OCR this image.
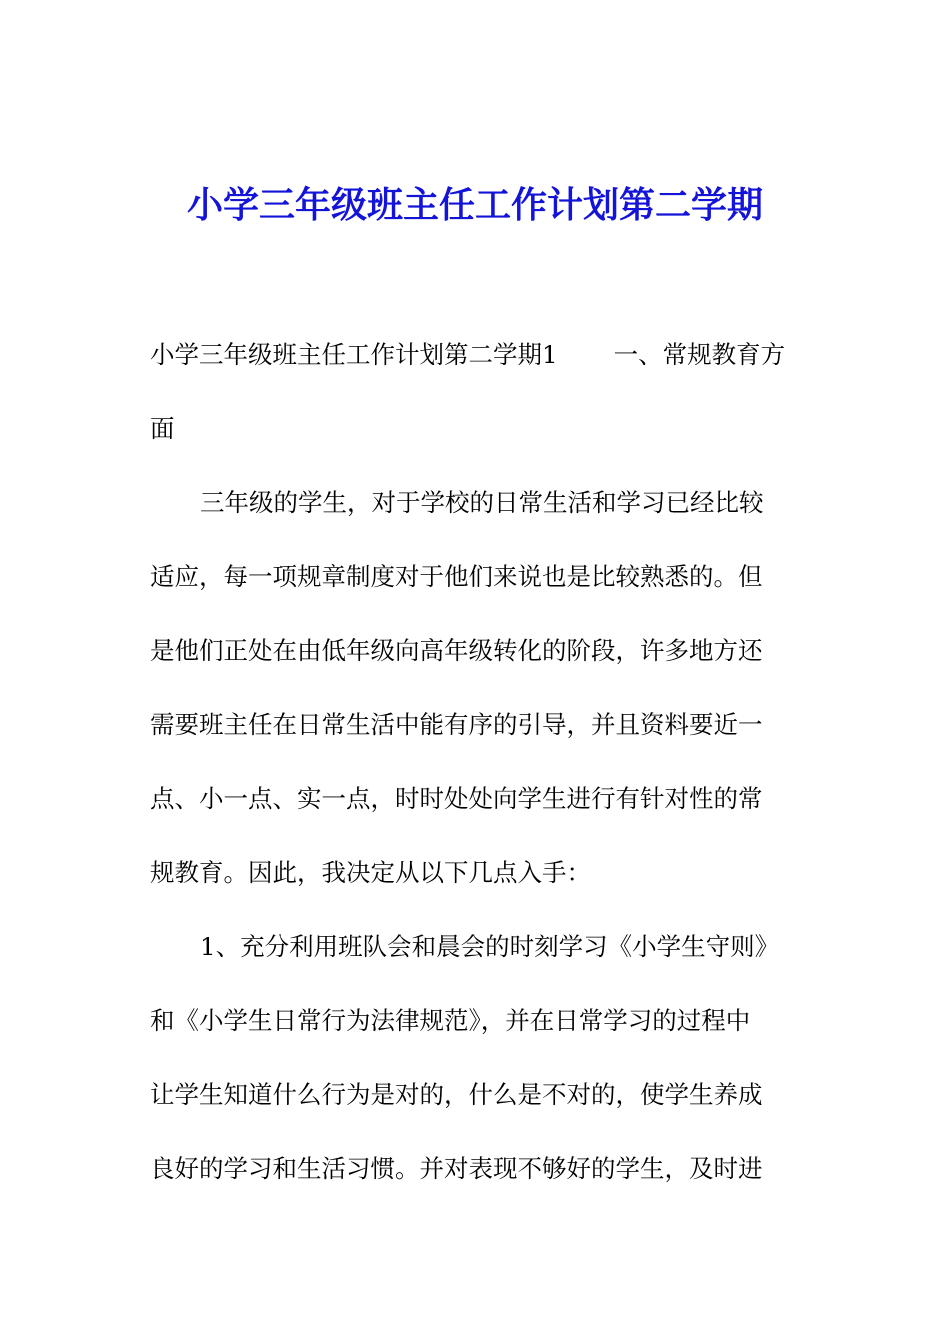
小学三年级班主任工作计划第二学期
小学三年级班主任工作计划第二学期1 一、常规教育方
面
三年级的学生，对于学校的日常生活和学习已经比较
适应，每一项规章制度对于他们来说也是比较熟悉的。但
是他们正处在由低年级向高年级转化的阶段，许多地方还
需要班主任在日常生活中能有序的引导，并且资料要近一
点、小一点、实一点，时时处处向学生进行有针对性的常
规教育。因此，我决定从以下几点入手：
1、充分利用班队会和晨会的时刻学习《小学生守则》
和《小学生日常行为法律规范》，并在日常学习的过程中
让学生知道什么行为是对的，什么是不对的，使学生养成
良好的学习和生活习惯。并对表现不够好的学生，及时进
